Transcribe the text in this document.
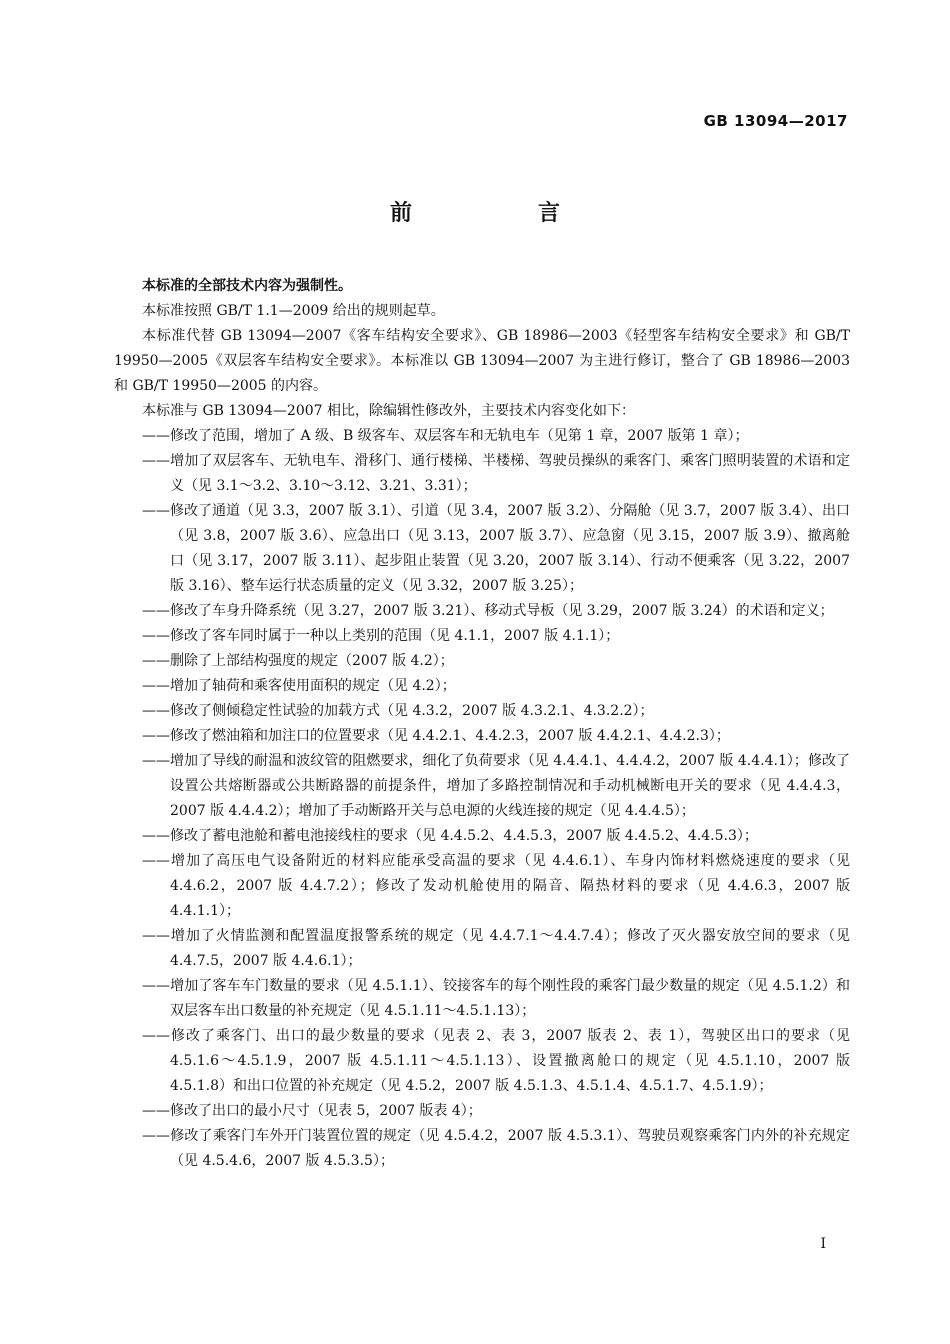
GB 13094—2017
前　言

本标准的全部技术内容为强制性。

本标准按照 GB/T 1.1—2009 给出的规则起草。

本标准代替 GB 13094—2007《客车结构安全要求》、GB 18986—2003《轻型客车结构安全要求》和 GB/T 19950—2005《双层客车结构安全要求》。本标准以 GB 13094—2007 为主进行修订，整合了 GB 18986—2003 和 GB/T 19950—2005 的内容。

本标准与 GB 13094—2007 相比，除编辑性修改外，主要技术内容变化如下：

——修改了范围，增加了 A 级、B 级客车、双层客车和无轨电车（见第 1 章，2007 版第 1 章）；

——增加了双层客车、无轨电车、滑移门、通行楼梯、半楼梯、驾驶员操纵的乘客门、乘客门照明装置的术语和定义（见 3.1～3.2、3.10～3.12、3.21、3.31）；

——修改了通道（见 3.3，2007 版 3.1）、引道（见 3.4，2007 版 3.2）、分隔舱（见 3.7，2007 版 3.4）、出口（见 3.8，2007 版 3.6）、应急出口（见 3.13，2007 版 3.7）、应急窗（见 3.15，2007 版 3.9）、撤离舱口（见 3.17，2007 版 3.11）、起步阻止装置（见 3.20，2007 版 3.14）、行动不便乘客（见 3.22，2007 版 3.16）、整车运行状态质量的定义（见 3.32，2007 版 3.25）；

——修改了车身升降系统（见 3.27，2007 版 3.21）、移动式导板（见 3.29，2007 版 3.24）的术语和定义；

——修改了客车同时属于一种以上类别的范围（见 4.1.1，2007 版 4.1.1）；

——删除了上部结构强度的规定（2007 版 4.2）；

——增加了轴荷和乘客使用面积的规定（见 4.2）；

——修改了侧倾稳定性试验的加载方式（见 4.3.2，2007 版 4.3.2.1、4.3.2.2）；

——修改了燃油箱和加注口的位置要求（见 4.4.2.1、4.4.2.3，2007 版 4.4.2.1、4.4.2.3）；

——增加了导线的耐温和波纹管的阻燃要求，细化了负荷要求（见 4.4.4.1、4.4.4.2，2007 版 4.4.4.1）；修改了设置公共熔断器或公共断路器的前提条件，增加了多路控制情况和手动机械断电开关的要求（见 4.4.4.3，2007 版 4.4.4.2）；增加了手动断路开关与总电源的火线连接的规定（见 4.4.4.5）；

——修改了蓄电池舱和蓄电池接线柱的要求（见 4.4.5.2、4.4.5.3，2007 版 4.4.5.2、4.4.5.3）；

——增加了高压电气设备附近的材料应能承受高温的要求（见 4.4.6.1）、车身内饰材料燃烧速度的要求（见 4.4.6.2，2007 版 4.4.7.2）；修改了发动机舱使用的隔音、隔热材料的要求（见 4.4.6.3，2007 版 4.4.1.1）；

——增加了火情监测和配置温度报警系统的规定（见 4.4.7.1～4.4.7.4）；修改了灭火器安放空间的要求（见 4.4.7.5，2007 版 4.4.6.1）；

——增加了客车车门数量的要求（见 4.5.1.1）、铰接客车的每个刚性段的乘客门最少数量的规定（见 4.5.1.2）和双层客车出口数量的补充规定（见 4.5.1.11～4.5.1.13）；

——修改了乘客门、出口的最少数量的要求（见表 2、表 3，2007 版表 2、表 1），驾驶区出口的要求（见 4.5.1.6～4.5.1.9，2007 版 4.5.1.11～4.5.1.13）、设置撤离舱口的规定（见 4.5.1.10，2007 版 4.5.1.8）和出口位置的补充规定（见 4.5.2，2007 版 4.5.1.3、4.5.1.4、4.5.1.7、4.5.1.9）；

——修改了出口的最小尺寸（见表 5，2007 版表 4）；

——修改了乘客门车外开门装置位置的规定（见 4.5.4.2，2007 版 4.5.3.1）、驾驶员观察乘客门内外的补充规定（见 4.5.4.6，2007 版 4.5.3.5）；

I
